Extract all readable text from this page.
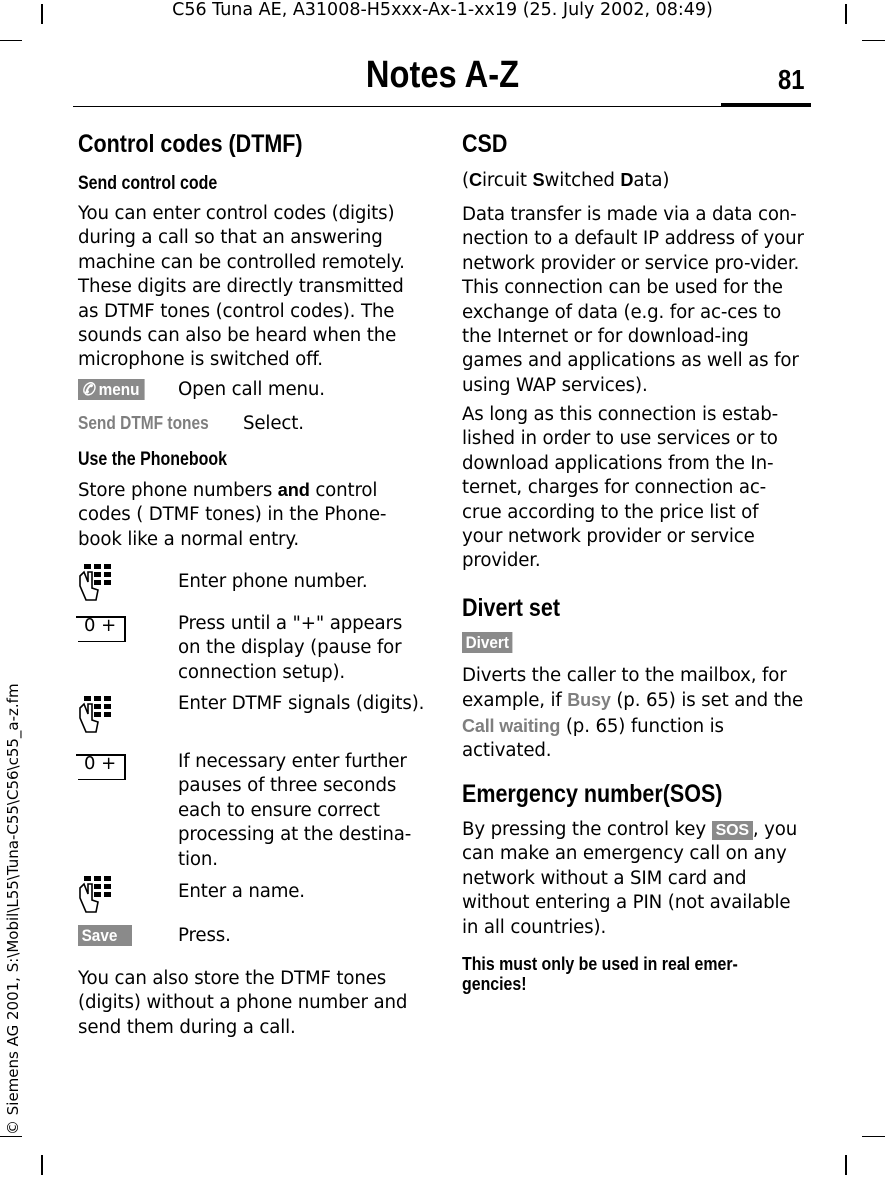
C56 Tuna AE, A31008-H5xxx-Ax-1-xx19 (25. July 2002, 08:49)
Notes A-Z	81
© Siemens AG 2001, S:\Mobil\L55\Tuna-C55\C56\c55_a-z.fm
Control codes (DTMF)
Send control code
You can enter control codes (digits) during a call so that an answering machine can be controlled remotely. These digits are directly transmitted as DTMF tones (control codes). The sounds can also be heard when the microphone is switched off.
✆ menu Open call menu.
Send DTMF tones Select.
Use the Phonebook
Store phone numbers and control codes ( DTMF tones) in the Phone-book like a normal entry.
Enter phone number.
0 +	Press until a "+" appears on the display (pause for connection setup).
Enter DTMF signals (digits).
0 +	If necessary enter further pauses of three seconds each to ensure correct processing at the destina-tion.
Enter a name.
Save	Press.
You can also store the DTMF tones (digits) without a phone number and send them during a call.
CSD
(Circuit Switched Data)
Data transfer is made via a data con-nection to a default IP address of your network provider or service pro-vider. This connection can be used for the exchange of data (e.g. for ac-ces to the Internet or for download-ing games and applications as well as for using WAP services).
As long as this connection is estab-lished in order to use services or to download applications from the In-ternet, charges for connection ac-crue according to the price list of your network provider or service provider.
Divert set
Divert
Diverts the caller to the mailbox, for example, if Busy (p. 65) is set and the Call waiting (p. 65) function is activated.
Emergency number(SOS)
By pressing the control key SOS , you can make an emergency call on any network without a SIM card and without entering a PIN (not available in all countries).
This must only be used in real emer-gencies!
